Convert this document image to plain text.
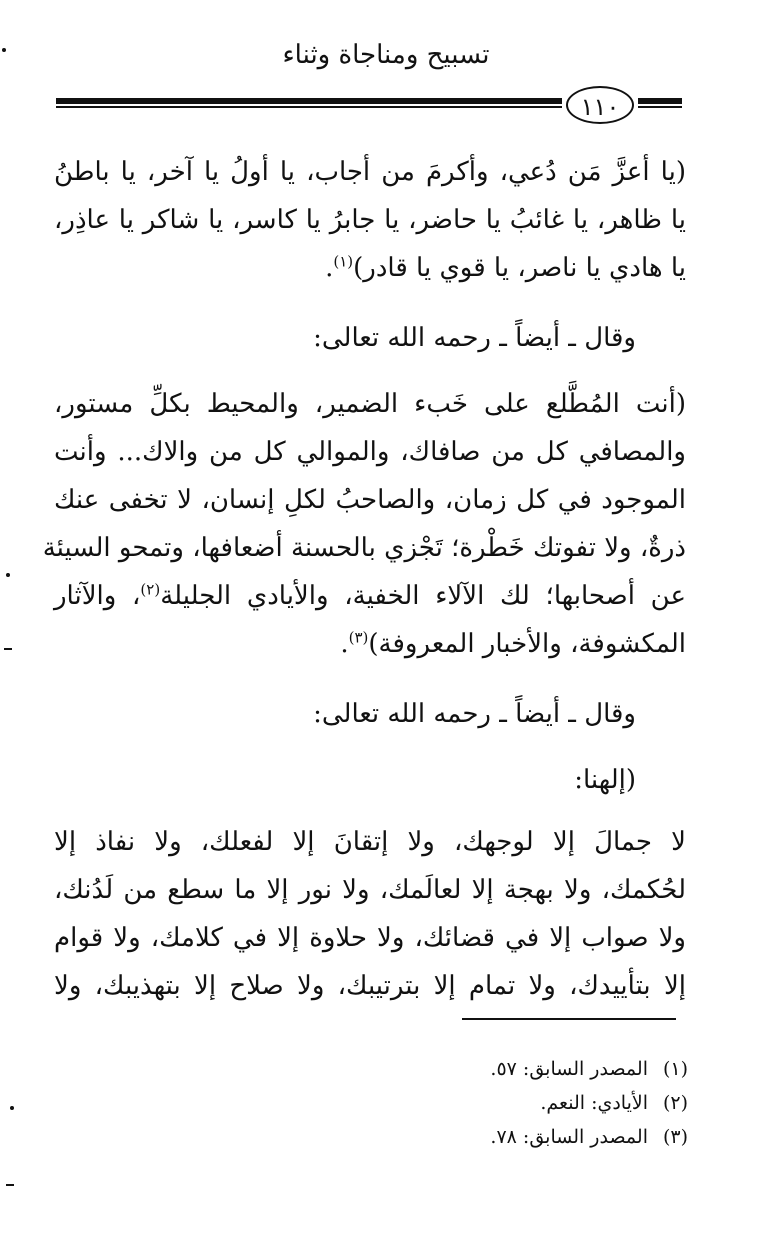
تسبيح ومناجاة وثناء
١١٠
(يا أعزَّ مَن دُعي، وأكرمَ من أجاب، يا أولُ يا آخر، يا باطنُ
يا ظاهر، يا غائبُ يا حاضر، يا جابرُ يا كاسر، يا شاكر يا عاذِر،
يا هادي يا ناصر، يا قوي يا قادر)$^{(١)}$.
وقال ـ أيضاً ـ رحمه الله تعالى:
(أنت المُطَّلع على خَبء الضمير، والمحيط بكلِّ مستور،
والمصافي كل من صافاك، والموالي كل من والاك... وأنت
الموجود في كل زمان، والصاحبُ لكلِ إنسان، لا تخفى عنك
ذرةٌ، ولا تفوتك خَطْرة؛ تَجْزي بالحسنة أضعافها، وتمحو السيئة
عن أصحابها؛ لك الآلاء الخفية، والأيادي الجليلة$^{(٢)}$، والآثار
المكشوفة، والأخبار المعروفة)$^{(٣)}$.
وقال ـ أيضاً ـ رحمه الله تعالى:
(إلهنا:
لا جمالَ إلا لوجهك، ولا إتقانَ إلا لفعلك، ولا نفاذ إلا
لحُكمك، ولا بهجة إلا لعالَمك، ولا نور إلا ما سطع من لَدُنك،
ولا صواب إلا في قضائك، ولا حلاوة إلا في كلامك، ولا قوام
إلا بتأييدك، ولا تمام إلا بترتيبك، ولا صلاح إلا بتهذيبك، ولا
(١)المصدر السابق: ٥٧.
(٢)الأيادي: النعم.
(٣)المصدر السابق: ٧٨.
